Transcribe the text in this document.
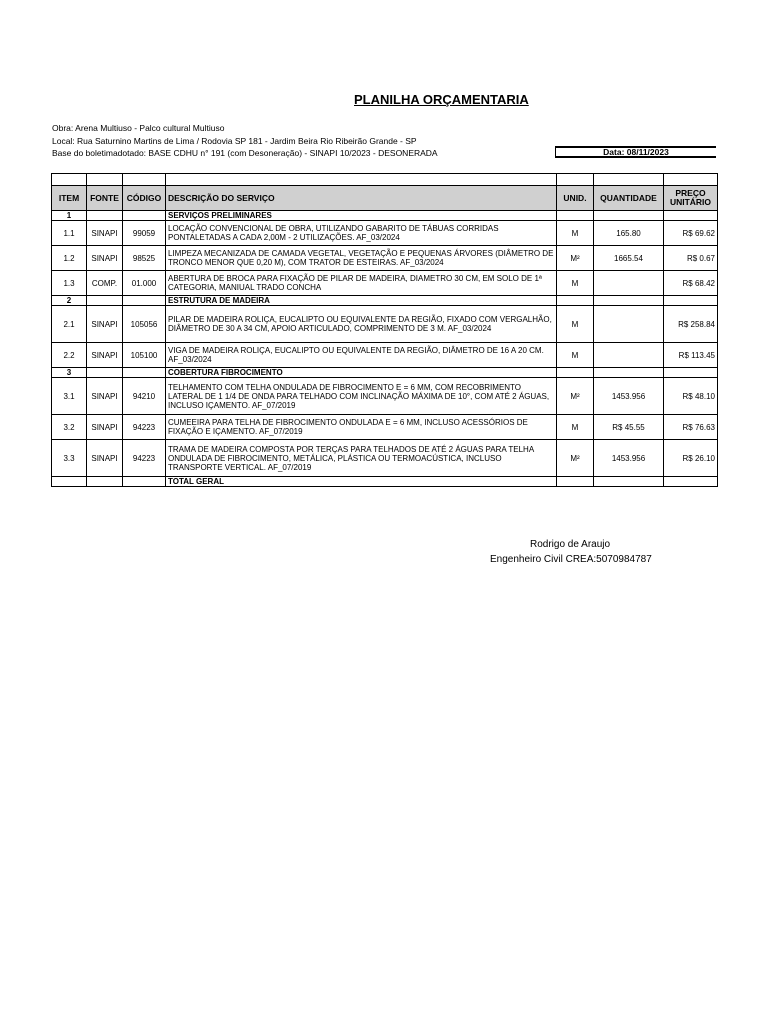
PLANILHA ORÇAMENTARIA
Obra: Arena Multiuso - Palco cultural Multiuso
Local: Rua Saturnino Martins de Lima / Rodovia SP 181 - Jardim Beira Rio Ribeirão Grande - SP
Base do boletimadotado: BASE CDHU n° 191 (com Desoneração) - SINAPI 10/2023 - DESONERADA	Data: 08/11/2023

ITEM	FONTE	CÓDIGO	DESCRIÇÃO DO SERVIÇO	UNID.	QUANTIDADE	PREÇO UNITÁRIO
1			SERVIÇOS PRELIMINARES			
1.1	SINAPI	99059	LOCAÇÃO CONVENCIONAL DE OBRA, UTILIZANDO GABARITO DE TÁBUAS CORRIDAS PONTALETADAS A CADA 2,00M - 2 UTILIZAÇÕES. AF_03/2024	M	165.80	R$ 69.62
1.2	SINAPI	98525	LIMPEZA MECANIZADA DE CAMADA VEGETAL, VEGETAÇÃO E PEQUENAS ÁRVORES (DIÂMETRO DE TRONCO MENOR QUE 0,20 M), COM TRATOR DE ESTEIRAS. AF_03/2024	M²	1665.54	R$ 0.67
1.3	COMP.	01.000	ABERTURA DE BROCA PARA FIXAÇÃO DE PILAR DE MADEIRA, DIAMETRO 30 CM, EM SOLO DE 1ª CATEGORIA, MANIUAL TRADO CONCHA	M		R$ 68.42
2			ESTRUTURA DE MADEIRA			
2.1	SINAPI	105056	PILAR DE MADEIRA ROLIÇA, EUCALIPTO OU EQUIVALENTE DA REGIÃO, FIXADO COM VERGALHÃO, DIÂMETRO DE 30 A 34 CM, APOIO ARTICULADO, COMPRIMENTO DE 3 M. AF_03/2024	M		R$ 258.84
2.2	SINAPI	105100	VIGA DE MADEIRA ROLIÇA, EUCALIPTO OU EQUIVALENTE DA REGIÃO, DIÂMETRO DE 16 A 20 CM. AF_03/2024	M		R$ 113.45
3			COBERTURA FIBROCIMENTO			
3.1	SINAPI	94210	TELHAMENTO COM TELHA ONDULADA DE FIBROCIMENTO E = 6 MM, COM RECOBRIMENTO LATERAL DE 1 1/4 DE ONDA PARA TELHADO COM INCLINAÇÃO MÁXIMA DE 10°, COM ATÉ 2 ÁGUAS, INCLUSO IÇAMENTO. AF_07/2019	M²	1453.956	R$ 48.10
3.2	SINAPI	94223	CUMEEIRA PARA TELHA DE FIBROCIMENTO ONDULADA E = 6 MM, INCLUSO ACESSÓRIOS DE FIXAÇÃO E IÇAMENTO. AF_07/2019	M	R$ 45.55	R$ 76.63
3.3	SINAPI	94223	TRAMA DE MADEIRA COMPOSTA POR TERÇAS PARA TELHADOS DE ATÉ 2 ÁGUAS PARA TELHA ONDULADA DE FIBROCIMENTO, METÁLICA, PLÁSTICA OU TERMOACÚSTICA, INCLUSO TRANSPORTE VERTICAL. AF_07/2019	M²	1453.956	R$ 26.10
			TOTAL GERAL			
Rodrigo de Araujo
Engenheiro Civil CREA:5070984787
